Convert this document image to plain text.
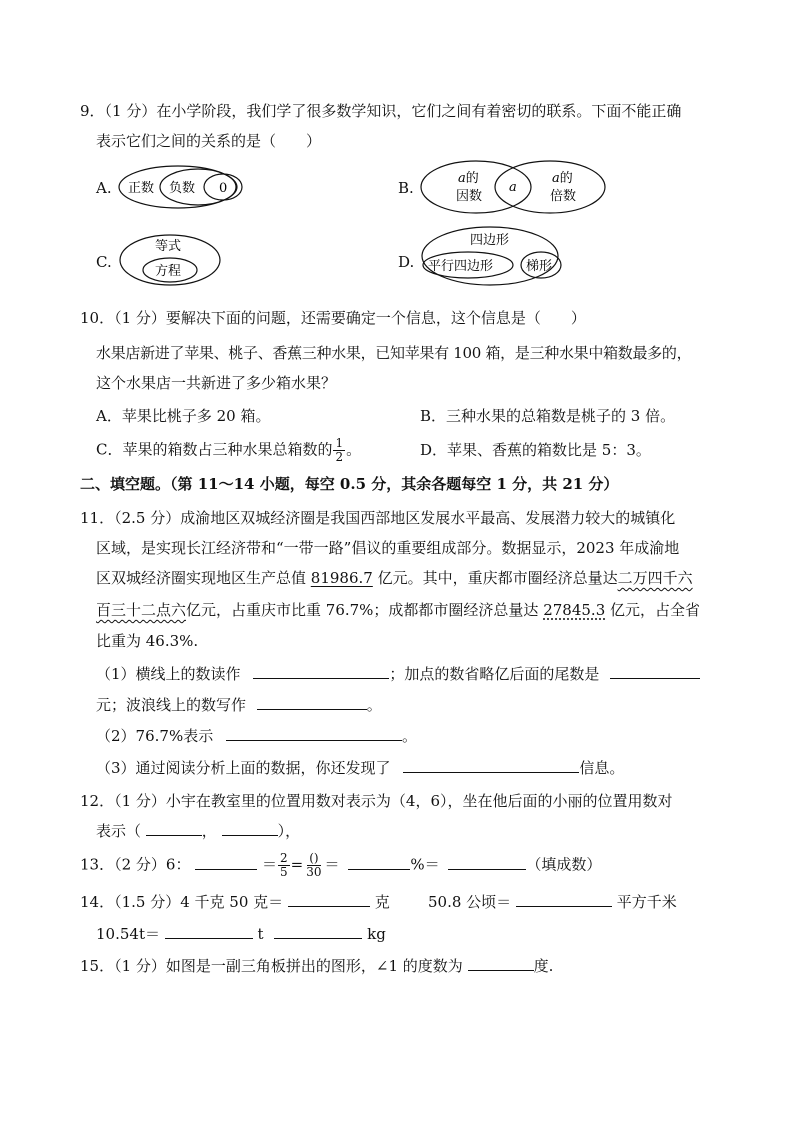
9．（1 分）在小学阶段，我们学了很多数学知识，它们之间有着密切的联系。下面不能正确
表示它们之间的关系的是（　　）
A. 正数 负数 0	B.
a的
因数
a
a的
倍数
C.
等式
方程
D.
四边形
平行四边形	梯形
10．（1 分）要解决下面的问题，还需要确定一个信息，这个信息是（　　）
水果店新进了苹果、桃子、香蕉三种水果，已知苹果有 100 箱，是三种水果中箱数最多的，
这个水果店一共新进了多少箱水果？
A．苹果比桃子多 20 箱。	B．三种水果的总箱数是桃子的 3 倍。
C．苹果的箱数占三种水果总箱数的 $\frac{1}{2}$ 。	D．苹果、香蕉的箱数比是 5：3。
二、填空题。（第 11～14 小题，每空 0.5 分，其余各题每空 1 分，共 21 分）
11．（2.5 分）成渝地区双城经济圈是我国西部地区发展水平最高、发展潜力较大的城镇化
区域，是实现长江经济带和“一带一路”倡议的重要组成部分。数据显示，2023 年成渝地
区双城经济圈实现地区生产总值 81986.7 亿元。其中，重庆都市圈经济总量达二万四千六
百三十二点六亿元，占重庆市比重 76.7%；成都都市圈经济总量达 27845.3 亿元，占全省
比重为 46.3%.
（1）横线上的数读作	；加点的数省略亿后面的尾数是
元；波浪线上的数写作	。
（2）76.7%表示	。
（3）通过阅读分析上面的数据，你还发现了	信息。
12．（1 分）小宇在教室里的位置用数对表示为（4，6），坐在他后面的小丽的位置用数对
表示（	，	），
13．（2 分）6：	＝ $\frac{2}{5} = \frac{()}{30}$ ＝	%＝	（填成数）
14．（1.5 分）4 千克 50 克＝	克	50.8 公顷＝	平方千米
10.54t＝	t	kg
15．（1 分）如图是一副三角板拼出的图形，∠1 的度数为	度.
